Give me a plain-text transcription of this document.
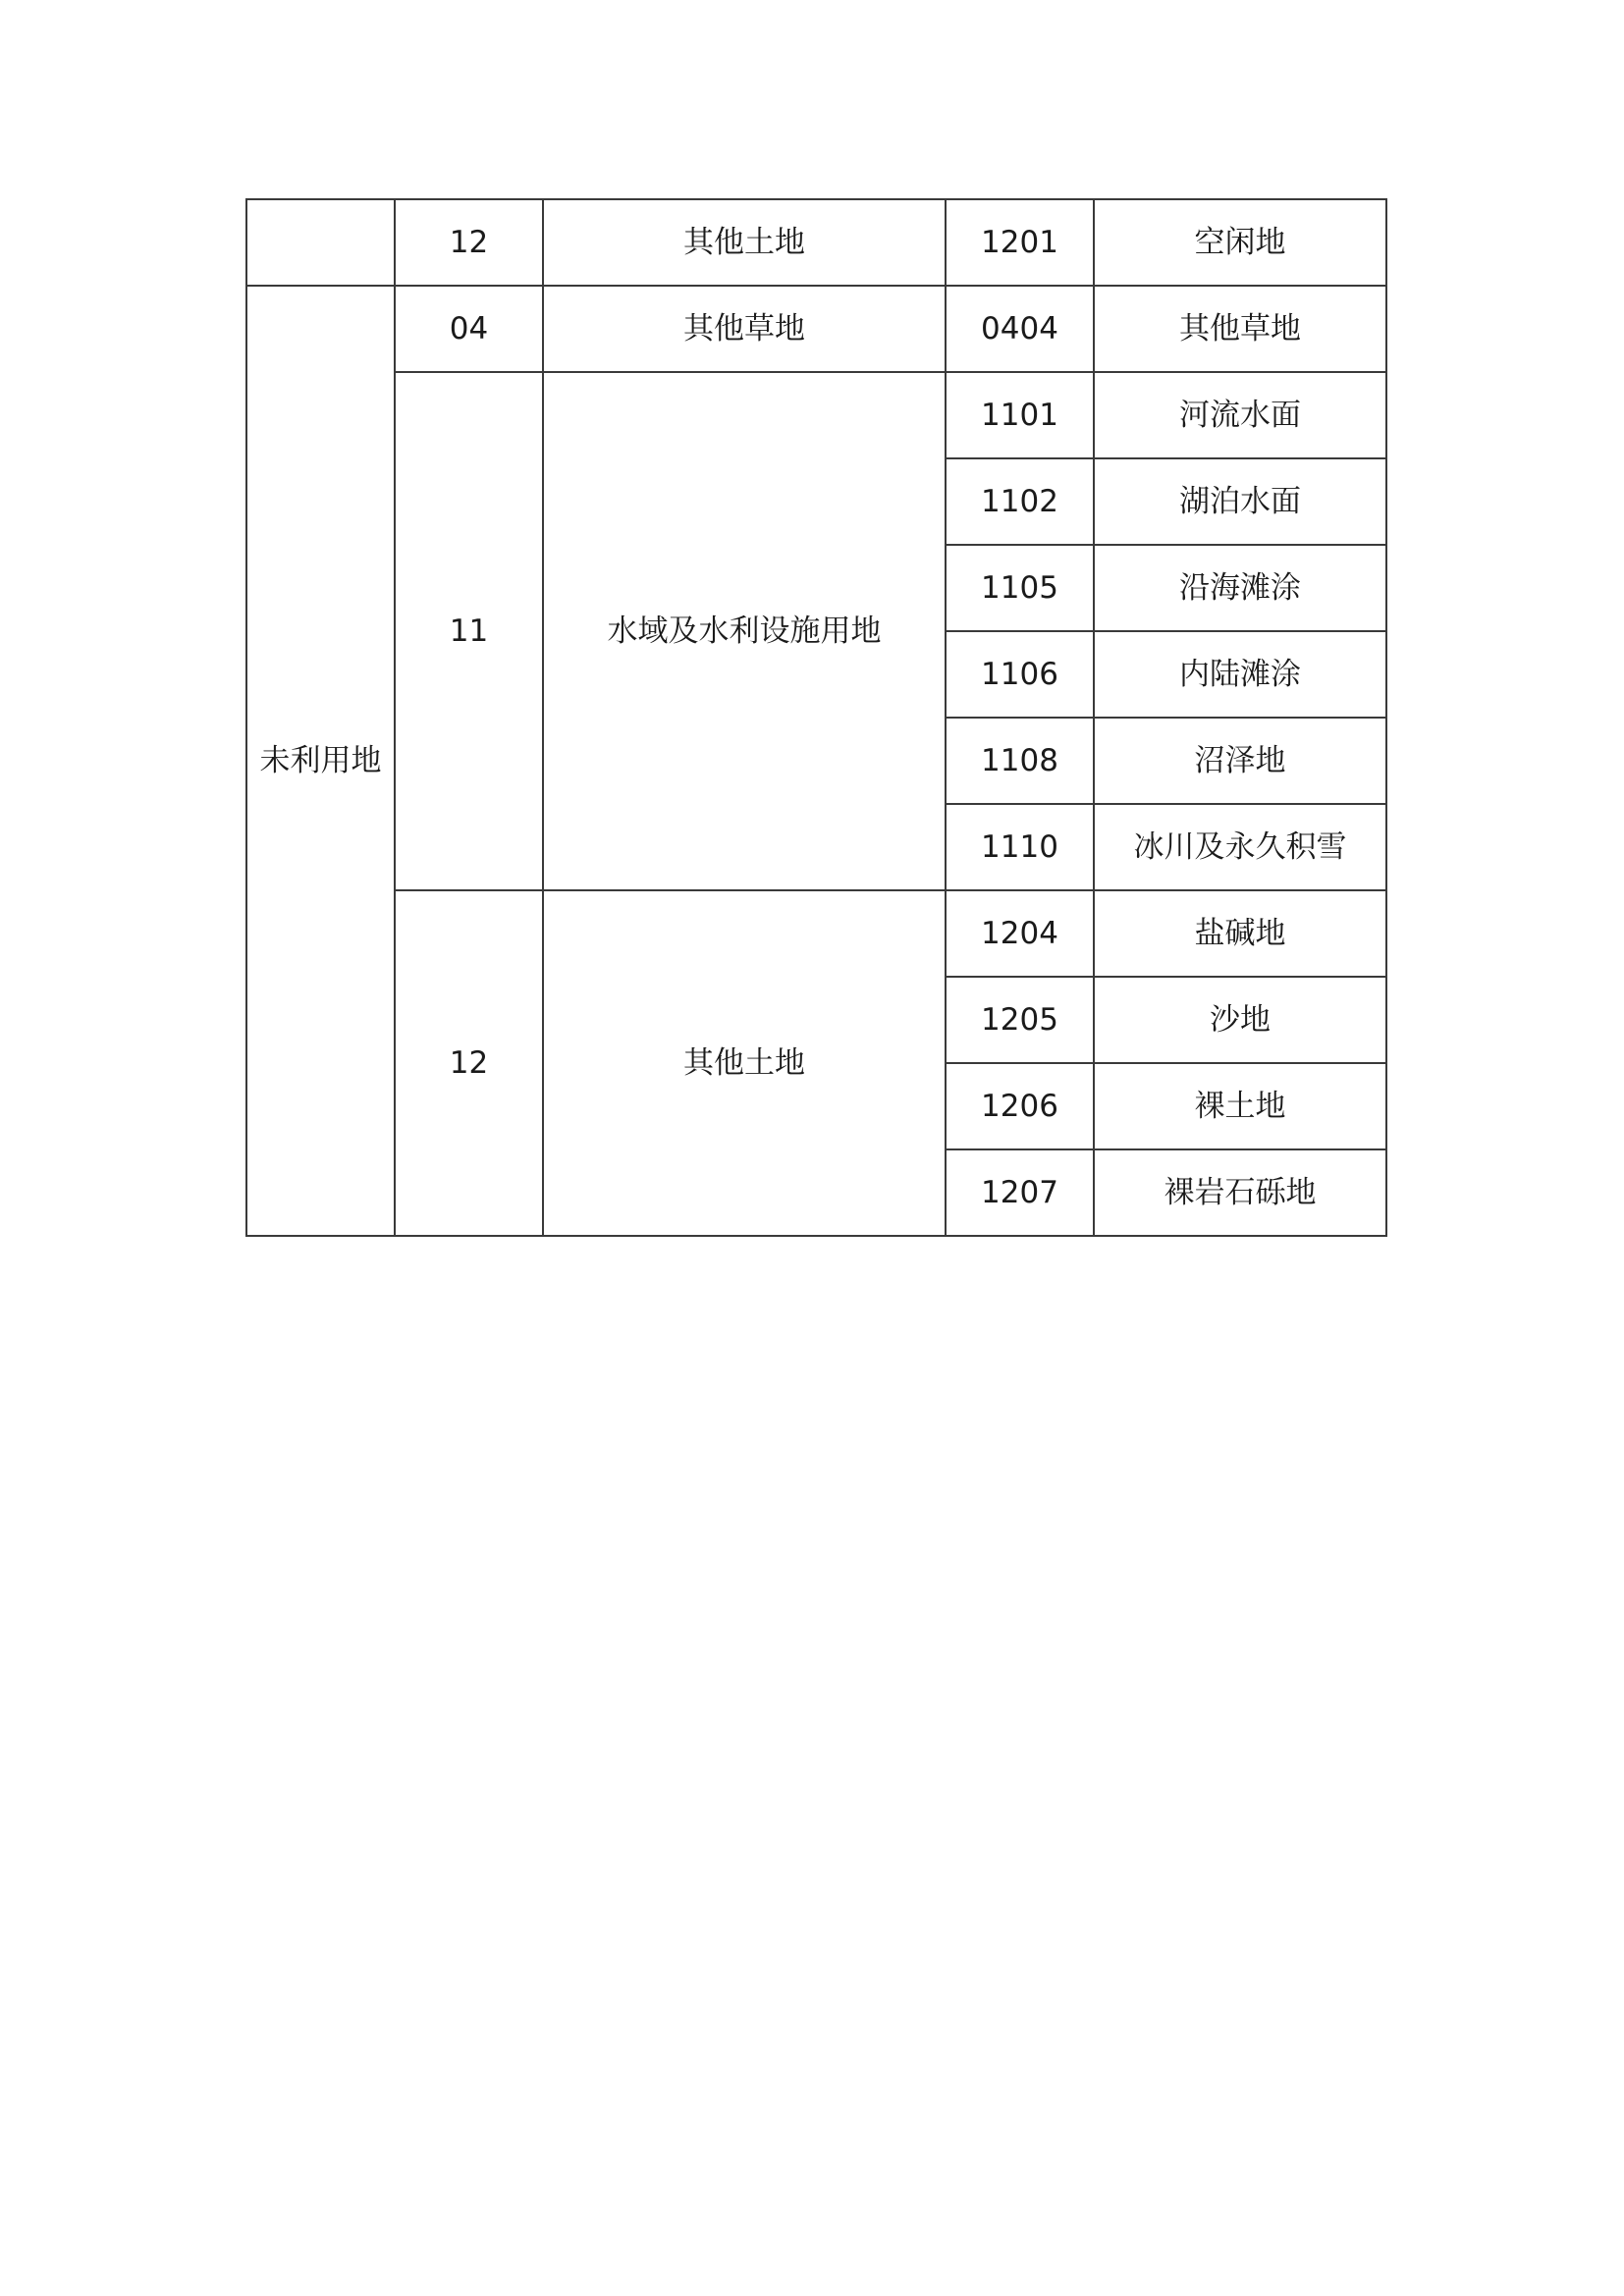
	12	其他土地	1201	空闲地
未利用地	04	其他草地	0404	其他草地
	11	水域及水利设施用地	1101	河流水面
			1102	湖泊水面
			1105	沿海滩涂
			1106	内陆滩涂
			1108	沼泽地
			1110	冰川及永久积雪
	12	其他土地	1204	盐碱地
			1205	沙地
			1206	裸土地
			1207	裸岩石砾地
